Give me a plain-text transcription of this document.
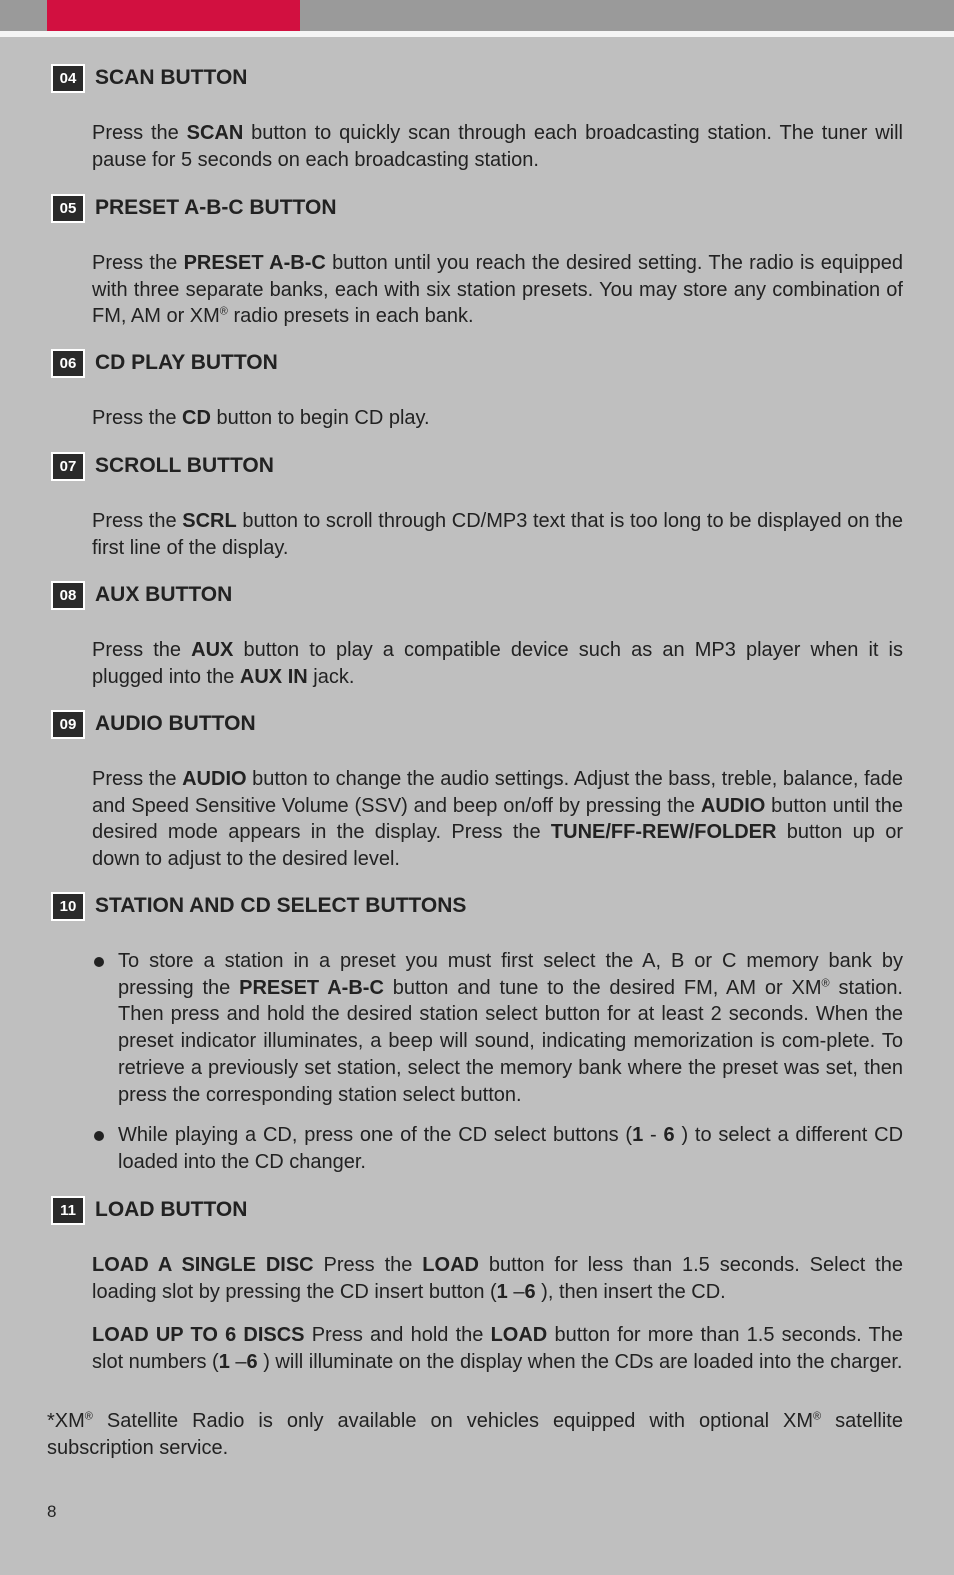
04 SCAN BUTTON

Press the SCAN button to quickly scan through each broadcasting station. The tuner will pause for 5 seconds on each broadcasting station.

05 PRESET A-B-C BUTTON

Press the PRESET A-B-C button until you reach the desired setting. The radio is equipped with three separate banks, each with six station presets. You may store any combination of FM, AM or XM® radio presets in each bank.

06 CD PLAY BUTTON

Press the CD button to begin CD play.

07 SCROLL BUTTON

Press the SCRL button to scroll through CD/MP3 text that is too long to be displayed on the first line of the display.

08 AUX BUTTON

Press the AUX button to play a compatible device such as an MP3 player when it is plugged into the AUX IN jack.

09 AUDIO BUTTON

Press the AUDIO button to change the audio settings. Adjust the bass, treble, balance, fade and Speed Sensitive Volume (SSV) and beep on/off by pressing the AUDIO button until the desired mode appears in the display. Press the TUNE/FF-REW/FOLDER button up or down to adjust to the desired level.

10 STATION AND CD SELECT BUTTONS

To store a station in a preset you must first select the A, B or C memory bank by pressing the PRESET A-B-C button and tune to the desired FM, AM or XM® station. Then press and hold the desired station select button for at least 2 seconds. When the preset indicator illuminates, a beep will sound, indicating memorization is com-plete. To retrieve a previously set station, select the memory bank where the preset was set, then press the corresponding station select button.

While playing a CD, press one of the CD select buttons (1 - 6 ) to select a different CD loaded into the CD changer.

11 LOAD BUTTON

LOAD A SINGLE DISC Press the LOAD button for less than 1.5 seconds. Select the loading slot by pressing the CD insert button (1 –6 ), then insert the CD.

LOAD UP TO 6 DISCS Press and hold the LOAD button for more than 1.5 seconds. The slot numbers (1 –6 ) will illuminate on the display when the CDs are loaded into the charger.

*XM® Satellite Radio is only available on vehicles equipped with optional XM® satellite subscription service.

8
